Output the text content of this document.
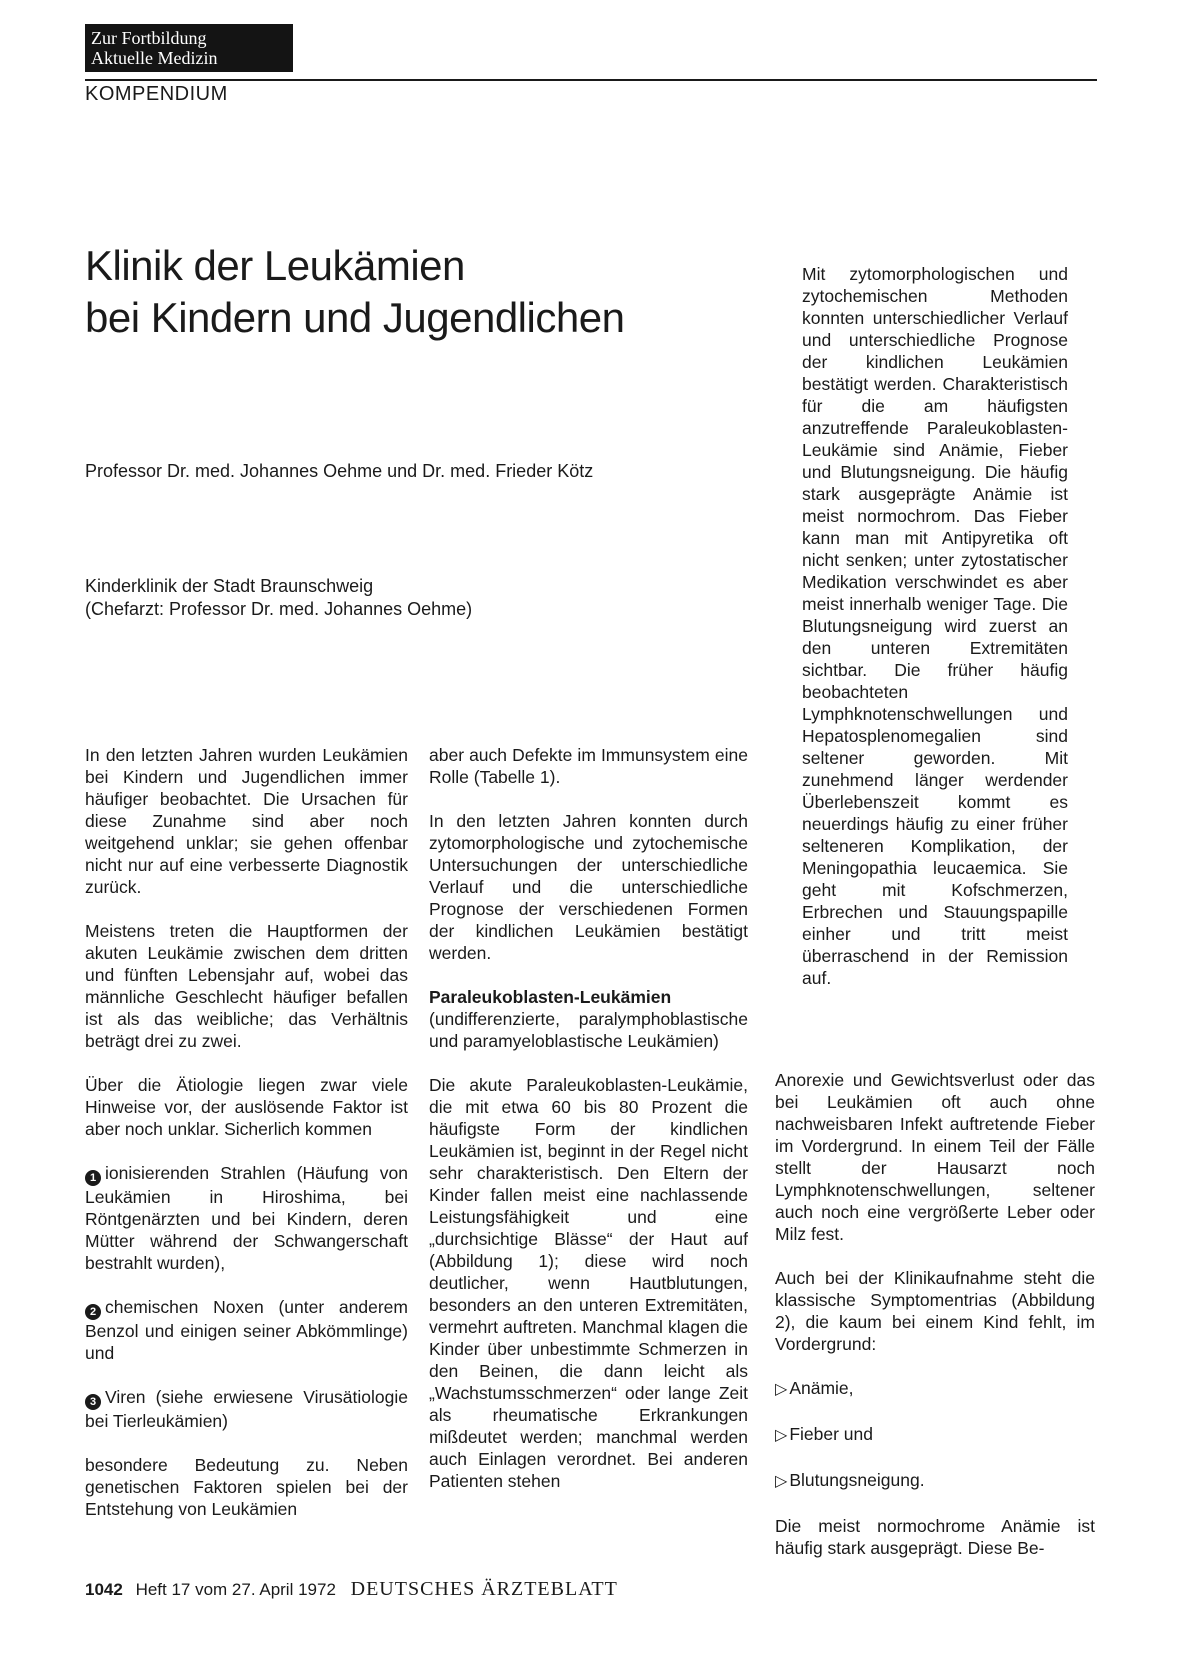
Zur Fortbildung
Aktuelle Medizin
KOMPENDIUM
Klinik der Leukämien
bei Kindern und Jugendlichen
Professor Dr. med. Johannes Oehme und Dr. med. Frieder Kötz
Kinderklinik der Stadt Braunschweig
(Chefarzt: Professor Dr. med. Johannes Oehme)

In den letzten Jahren wurden Leukämien bei Kindern und Jugendlichen immer häufiger beobachtet. Die Ursachen für diese Zunahme sind aber noch weitgehend unklar; sie gehen offenbar nicht nur auf eine verbesserte Diagnostik zurück.

Meistens treten die Hauptformen der akuten Leukämie zwischen dem dritten und fünften Lebensjahr auf, wobei das männliche Geschlecht häufiger befallen ist als das weibliche; das Verhältnis beträgt drei zu zwei.

Über die Ätiologie liegen zwar viele Hinweise vor, der auslösende Faktor ist aber noch unklar. Sicherlich kommen

1 ionisierenden Strahlen (Häufung von Leukämien in Hiroshima, bei Röntgenärzten und bei Kindern, deren Mütter während der Schwangerschaft bestrahlt wurden),

2 chemischen Noxen (unter anderem Benzol und einigen seiner Abkömmlinge) und

3 Viren (siehe erwiesene Virusätiologie bei Tierleukämien)

besondere Bedeutung zu. Neben genetischen Faktoren spielen bei der Entstehung von Leukämien

aber auch Defekte im Immunsystem eine Rolle (Tabelle 1).

In den letzten Jahren konnten durch zytomorphologische und zytochemische Untersuchungen der unterschiedliche Verlauf und die unterschiedliche Prognose der verschiedenen Formen der kindlichen Leukämien bestätigt werden.

Paraleukoblasten-Leukämien
(undifferenzierte, paralymphoblastische und paramyeloblastische Leukämien)

Die akute Paraleukoblasten-Leukämie, die mit etwa 60 bis 80 Prozent die häufigste Form der kindlichen Leukämien ist, beginnt in der Regel nicht sehr charakteristisch. Den Eltern der Kinder fallen meist eine nachlassende Leistungsfähigkeit und eine „durchsichtige Blässe“ der Haut auf (Abbildung 1); diese wird noch deutlicher, wenn Hautblutungen, besonders an den unteren Extremitäten, vermehrt auftreten. Manchmal klagen die Kinder über unbestimmte Schmerzen in den Beinen, die dann leicht als „Wachstumsschmerzen“ oder lange Zeit als rheumatische Erkrankungen mißdeutet werden; manchmal werden auch Einlagen verordnet. Bei anderen Patienten stehen

Mit zytomorphologischen und zytochemischen Methoden konnten unterschiedlicher Verlauf und unterschiedliche Prognose der kindlichen Leukämien bestätigt werden. Charakteristisch für die am häufigsten anzutreffende Paraleukoblasten-Leukämie sind Anämie, Fieber und Blutungsneigung. Die häufig stark ausgeprägte Anämie ist meist normochrom. Das Fieber kann man mit Antipyretika oft nicht senken; unter zytostatischer Medikation verschwindet es aber meist innerhalb weniger Tage. Die Blutungsneigung wird zuerst an den unteren Extremitäten sichtbar. Die früher häufig beobachteten Lymphknotenschwellungen und Hepatosplenomegalien sind seltener geworden. Mit zunehmend länger werdender Überlebenszeit kommt es neuerdings häufig zu einer früher selteneren Komplikation, der Meningopathia leucaemica. Sie geht mit Kofschmerzen, Erbrechen und Stauungspapille einher und tritt meist überraschend in der Remission auf.

Anorexie und Gewichtsverlust oder das bei Leukämien oft auch ohne nachweisbaren Infekt auftretende Fieber im Vordergrund. In einem Teil der Fälle stellt der Hausarzt noch Lymphknotenschwellungen, seltener auch noch eine vergrößerte Leber oder Milz fest.

Auch bei der Klinikaufnahme steht die klassische Symptomentrias (Abbildung 2), die kaum bei einem Kind fehlt, im Vordergrund:

▷ Anämie,

▷ Fieber und

▷ Blutungsneigung.

Die meist normochrome Anämie ist häufig stark ausgeprägt. Diese Be-

1042 Heft 17 vom 27. April 1972 DEUTSCHES ÄRZTEBLATT
